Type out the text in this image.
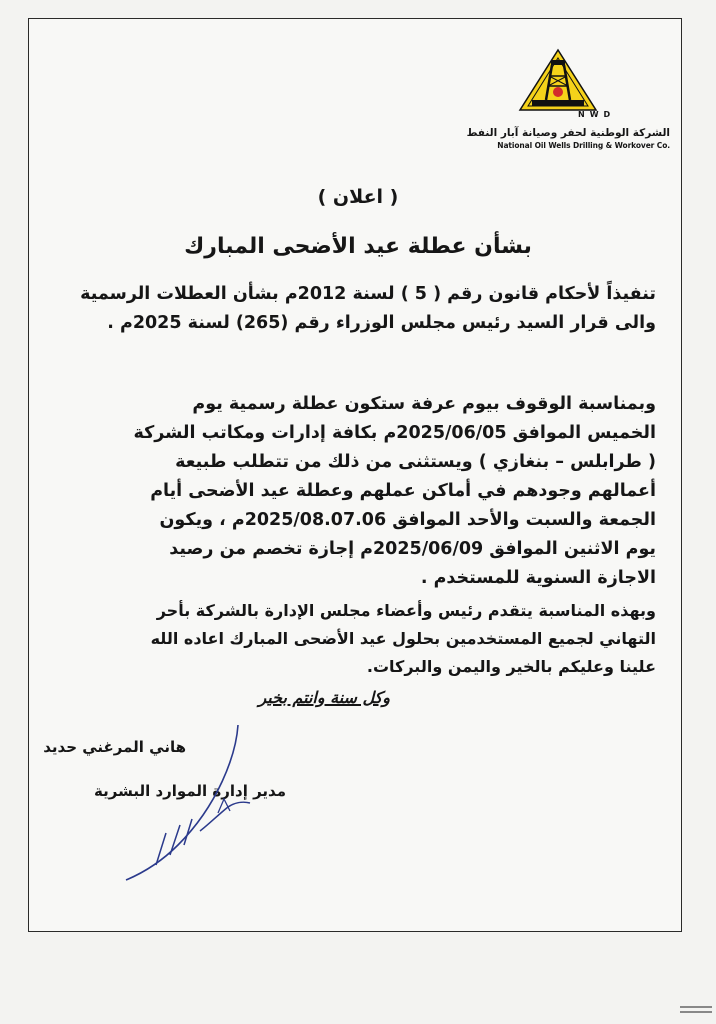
NWD
الشركة الوطنية لحفر وصيانة آبار النفط
National Oil Wells Drilling & Workover Co.
( اعلان )
بشأن عطلة عيد الأضحى المبارك
تنفيذاً لأحكام قانون رقم ( 5 ) لسنة 2012م بشأن العطلات الرسمية
والى قرار السيد رئيس مجلس الوزراء رقم (265) لسنة 2025م .
وبمناسبة الوقوف بيوم عرفة ستكون عطلة رسمية يوم
الخميس الموافق 2025/06/05م بكافة إدارات ومكاتب الشركة
( طرابلس – بنغازي ) ويستثنى من ذلك من تتطلب طبيعة
أعمالهم وجودهم في أماكن عملهم وعطلة عيد الأضحى أيام
الجمعة والسبت والأحد الموافق 2025/08.07.06م ، ويكون
يوم الاثنين الموافق 2025/06/09م إجازة تخصم من رصيد
الاجازة السنوية للمستخدم .
وبهذه المناسبة يتقدم رئيس وأعضاء مجلس الإدارة بالشركة بأحر
التهاني لجميع المستخدمين بحلول عيد الأضحى المبارك اعاده الله
علينا وعليكم بالخير واليمن والبركات.
وكل سنة وانتم بخير
هاني المرغني حديد
مدير إدارة الموارد البشرية
